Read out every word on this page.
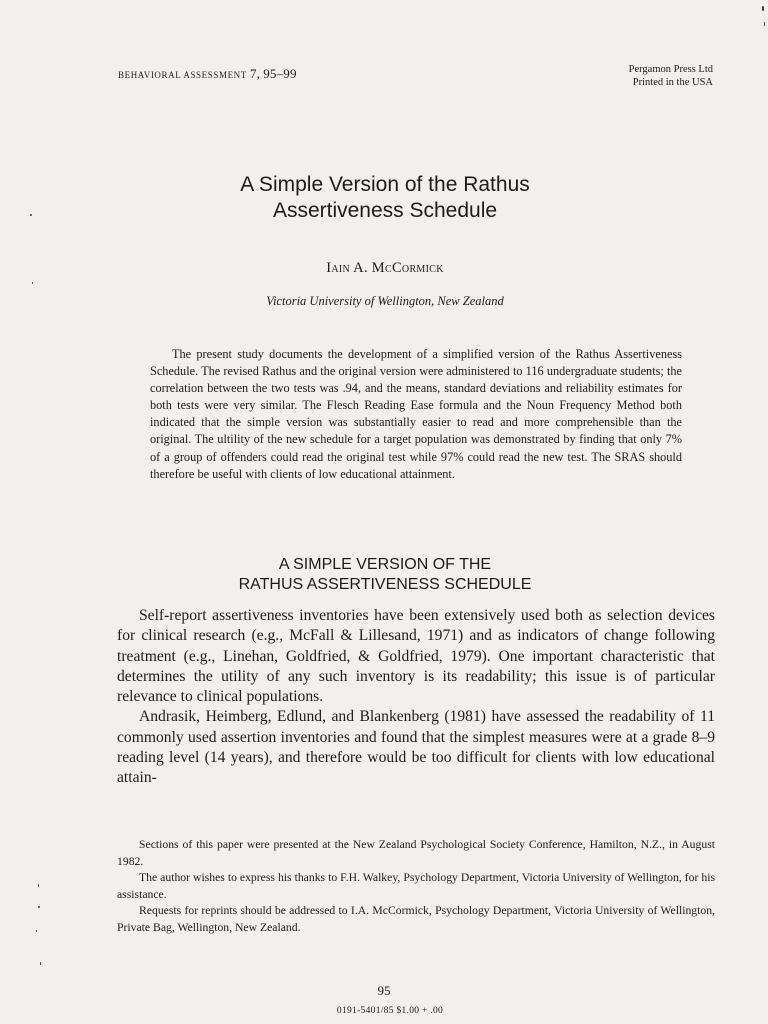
BEHAVIORAL ASSESSMENT 7, 95–99	Pergamon Press Ltd
Printed in the USA
A Simple Version of the Rathus
Assertiveness Schedule
Iain A. McCormick
Victoria University of Wellington, New Zealand
The present study documents the development of a simplified version of the Rathus Assertiveness Schedule. The revised Rathus and the original version were administered to 116 undergraduate students; the correlation between the two tests was .94, and the means, standard deviations and reliability estimates for both tests were very similar. The Flesch Reading Ease formula and the Noun Frequency Method both indicated that the simple version was substantially easier to read and more comprehensible than the original. The ultility of the new schedule for a target population was demonstrated by finding that only 7% of a group of offenders could read the original test while 97% could read the new test. The SRAS should therefore be useful with clients of low educational attainment.
A SIMPLE VERSION OF THE
RATHUS ASSERTIVENESS SCHEDULE

Self-report assertiveness inventories have been extensively used both as selection devices for clinical research (e.g., McFall & Lillesand, 1971) and as indicators of change following treatment (e.g., Linehan, Goldfried, & Goldfried, 1979). One important characteristic that determines the utility of any such inventory is its readability; this issue is of particular relevance to clinical populations.

Andrasik, Heimberg, Edlund, and Blankenberg (1981) have assessed the readability of 11 commonly used assertion inventories and found that the simplest measures were at a grade 8–9 reading level (14 years), and therefore would be too difficult for clients with low educational attain-

Sections of this paper were presented at the New Zealand Psychological Society Conference, Hamilton, N.Z., in August 1982.

The author wishes to express his thanks to F.H. Walkey, Psychology Department, Victoria University of Wellington, for his assistance.

Requests for reprints should be addressed to I.A. McCormick, Psychology Department, Victoria University of Wellington, Private Bag, Wellington, New Zealand.

95
0191-5401/85 $1.00 + .00
